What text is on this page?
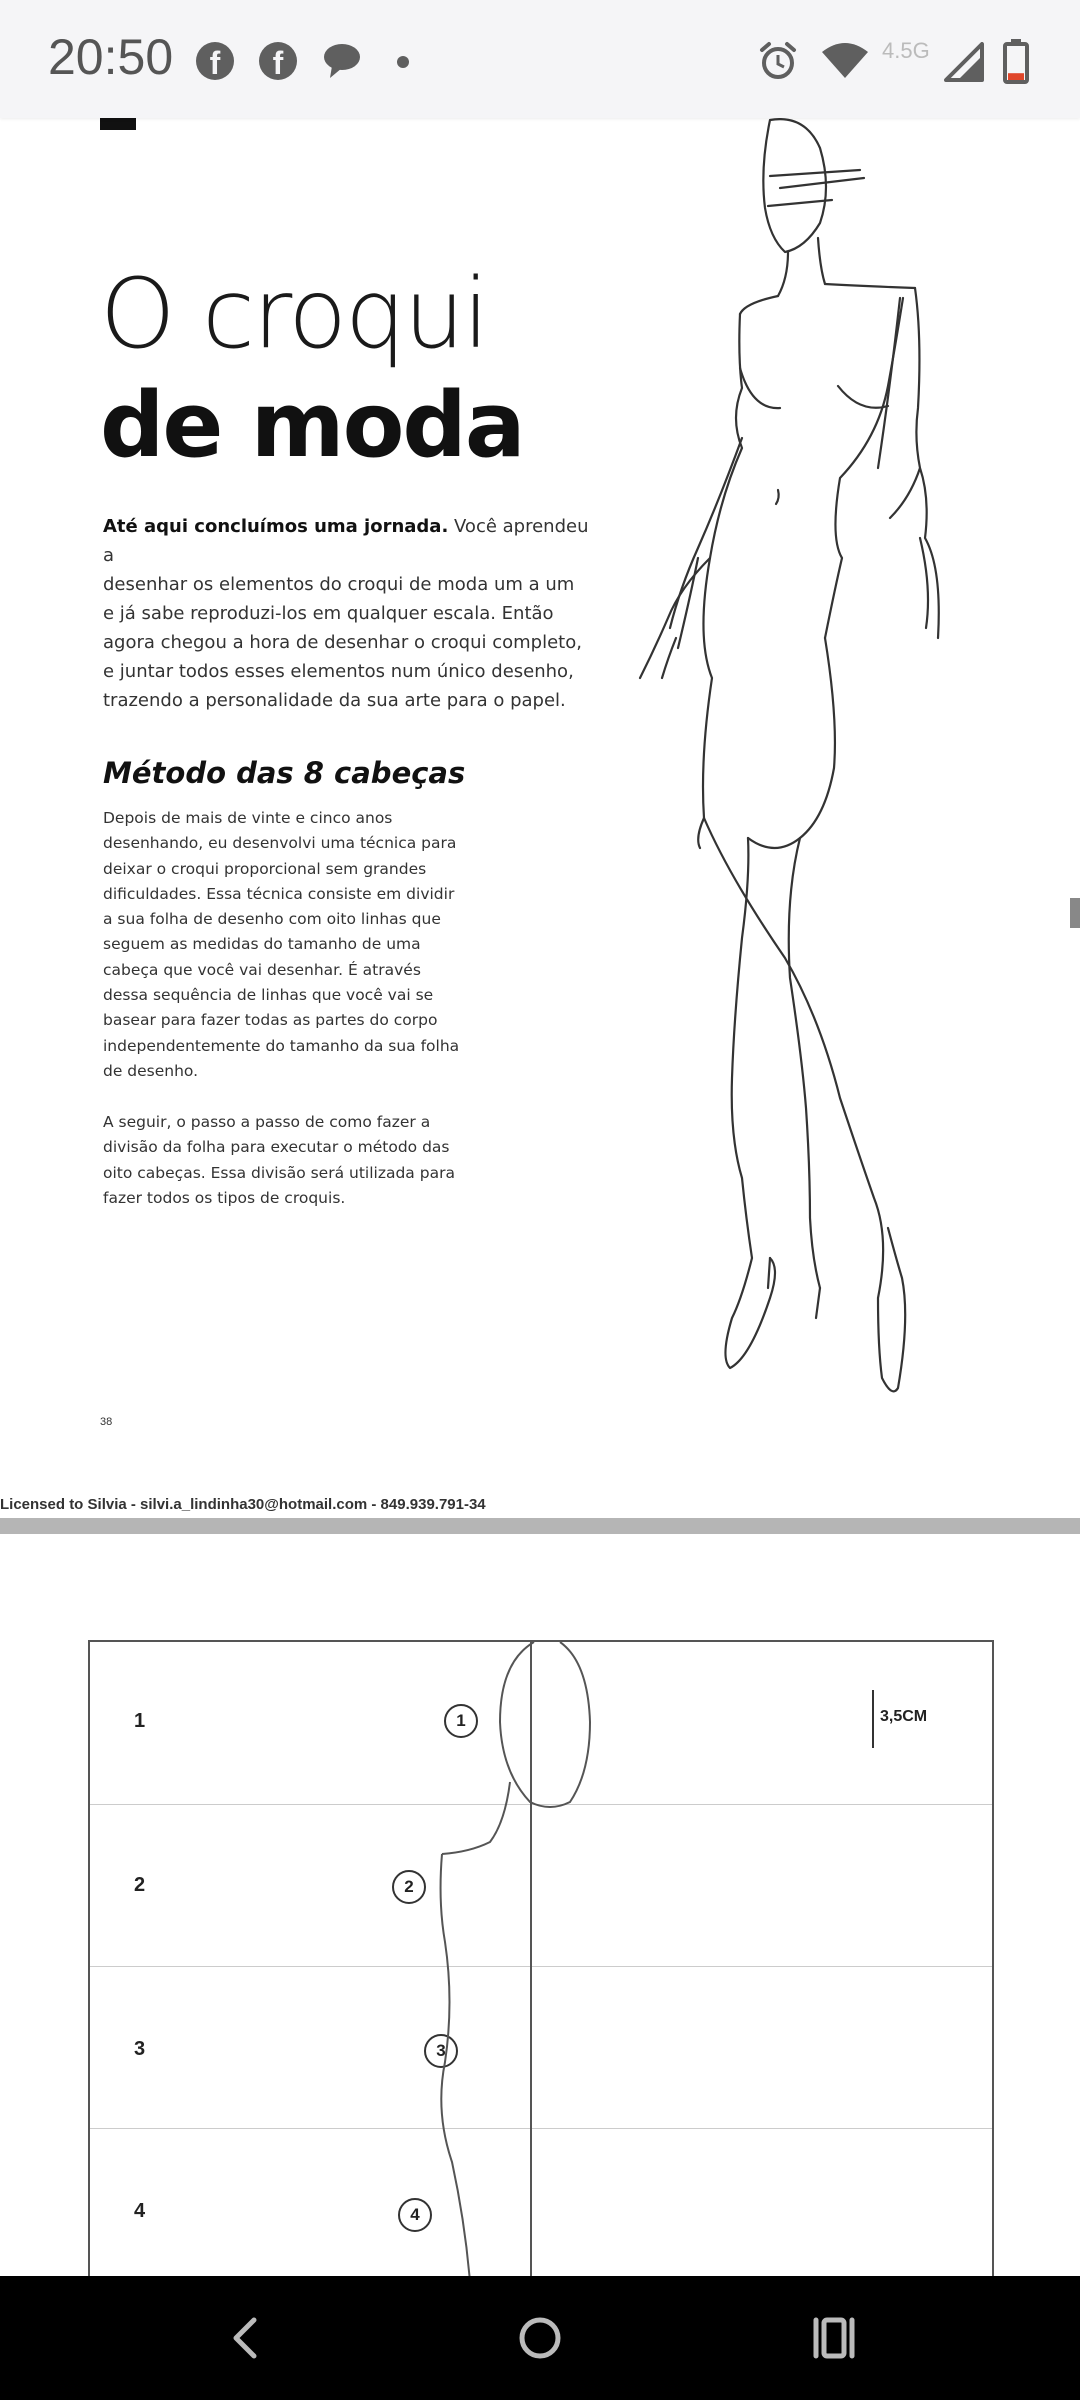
20:50	f	f	4.5G
O croqui
de moda
Até aqui concluímos uma jornada. Você aprendeu a
desenhar os elementos do croqui de moda um a um
e já sabe reproduzi-los em qualquer escala. Então
agora chegou a hora de desenhar o croqui completo,
e juntar todos esses elementos num único desenho,
trazendo a personalidade da sua arte para o papel.
Método das 8 cabeças
Depois de mais de vinte e cinco anos
desenhando, eu desenvolvi uma técnica para
deixar o croqui proporcional sem grandes
dificuldades. Essa técnica consiste em dividir
a sua folha de desenho com oito linhas que
seguem as medidas do tamanho de uma
cabeça que você vai desenhar. É através
dessa sequência de linhas que você vai se
basear para fazer todas as partes do corpo
independentemente do tamanho da sua folha
de desenho.
A seguir, o passo a passo de como fazer a
divisão da folha para executar o método das
oito cabeças. Essa divisão será utilizada para
fazer todos os tipos de croquis.
38
Licensed to Silvia - silvi.a_lindinha30@hotmail.com - 849.939.791-34
1
2
3
4
1
2
3
4
3,5CM
